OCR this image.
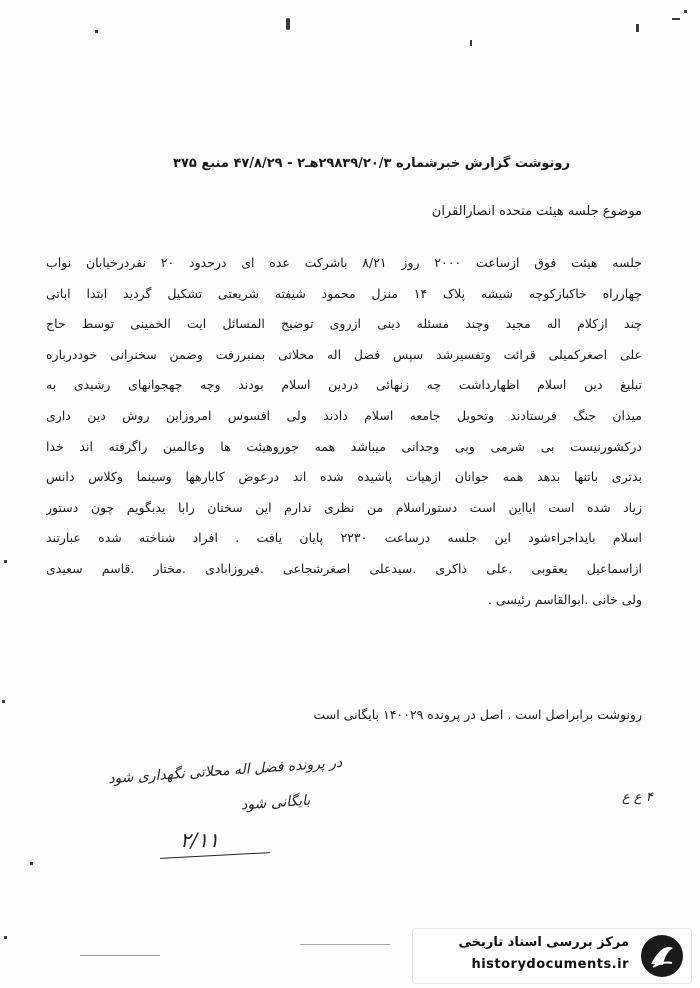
رونوشت گزارش خبرشماره ۲۹۸۳۹/۲۰/۳هـ۲ - ۴۷/۸/۲۹ منبع ۳۷۵
موضوع جلسه هیئت متحده انصارالقران
جلسه هیئت فوق ازساعت ۲۰۰۰ روز ۸/۲۱ باشرکت عده ای درحدود ۲۰ نفردرخیابان نواب
چهارراه خاکبازکوچه شیشه پلاک ۱۴ منزل محمود شیفته شریعتی تشکیل گردید ابتدا اباتی
چند ازکلام اله مجید وچند مسئله دینی ازروی توضیح المسائل ایت الخمینی توسط حاج
علی اصغرکمیلی قرائت وتفسیرشد سپس فضل اله محلاتی بمنبررفت وضمن سخنرانی خوددرباره
تبلیغ دین اسلام اظهارداشت چه زنهائی دردین اسلام بودند وچه چهجوانهای رشیدی به
میدان جنگ فرستادند وتحویل جامعه اسلام دادند ولی افسوس امروزاین روش دین داری
درکشورنیست بی شرمی وبی وجدانی میباشد همه جوروهیئت ها وعالمین راگرفته اند خدا
بدتری باتنها بدهد همه جوانان ازهیات پاشیده شده اند درعوض کابارهها وسینما وکلاس دانس
زیاد شده است ایااین است دستوراسلام من نظری ندارم این سخنان رابا یدبگویم چون دستور
اسلام بایداجراءشود این جلسه درساعت ۲۲۳۰ پایان یافت . افراد شناخته شده عبارتند
ازاسماعیل یعقوبی .علی ذاکری .سیدعلی اصغرشجاعی .فیروزابادی .مختار .قاسم سعیدی
ولی خانی .ابوالقاسم رئیسی .
رونوشت برابراصل است . اصل در پرونده ۱۴۰۰۲۹ بایگانی است
در پرونده فضل اله محلاتی نگهداری شود
بایگانی شود
۲/۱۱
۴ ع ع
مرکز بررسی اسناد تاریخی
historydocuments.ir
